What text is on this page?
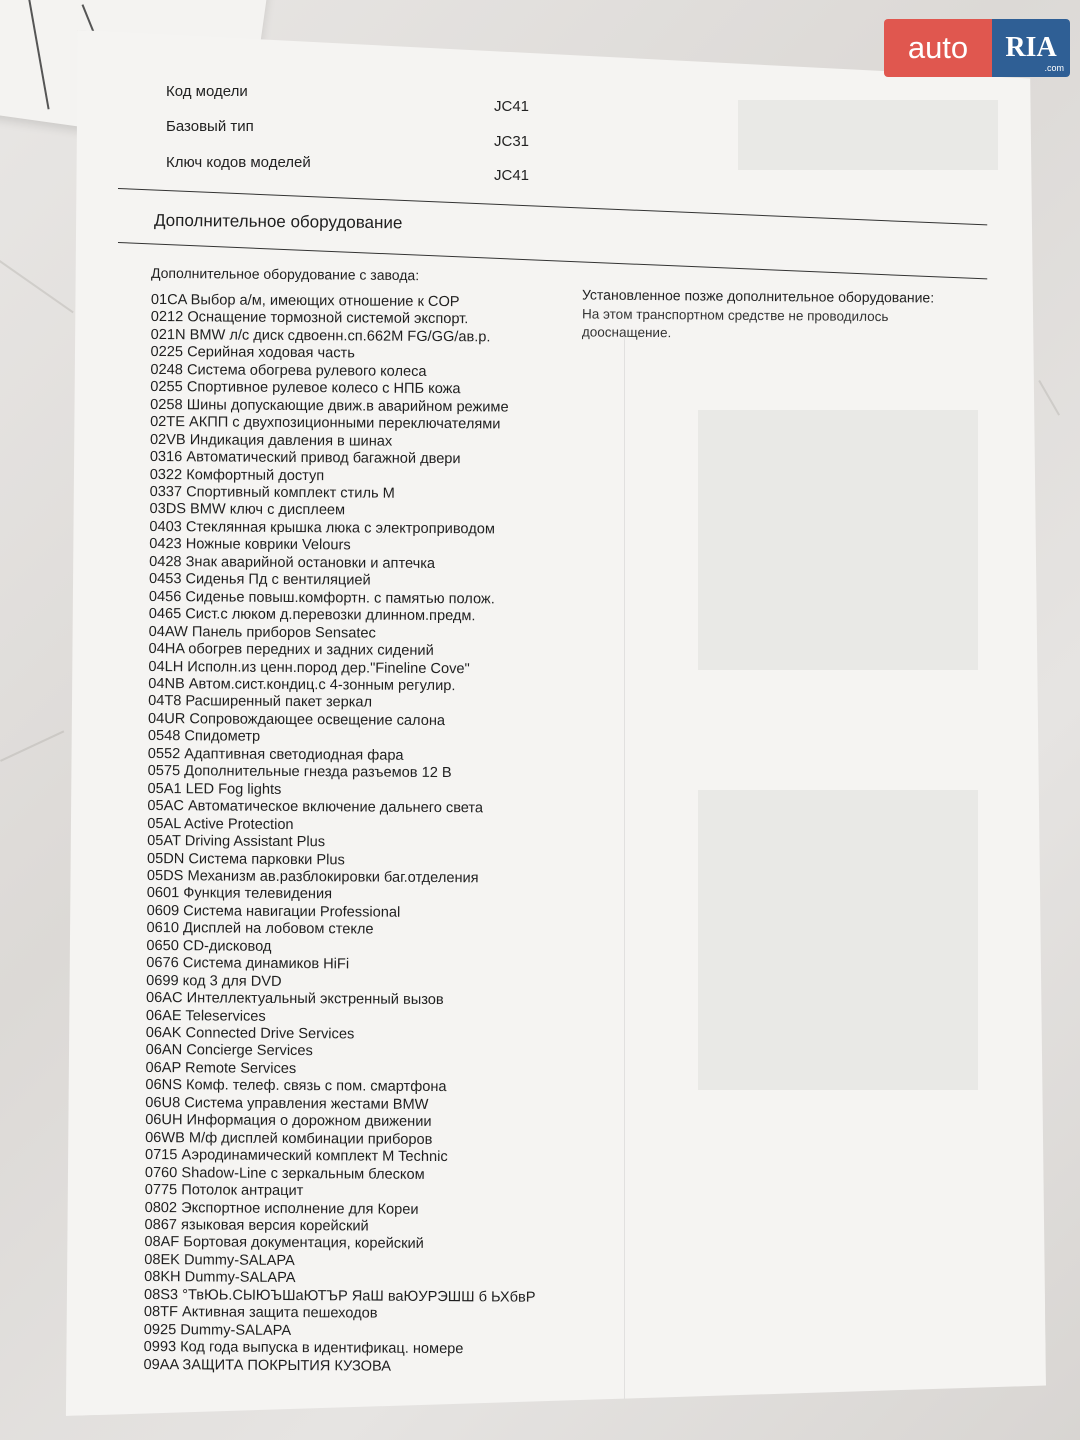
Код модели
JC41
Базовый тип
JC31
Ключ кодов моделей
JC41
Дополнительное оборудование
Дополнительное оборудование с завода:
Установленное позже дополнительное оборудование:
На этом транспортном средстве не проводилось дооснащение.
01CA Выбор а/м, имеющих отношение к COP
0212 Оснащение тормозной системой экспорт.
021N BMW л/с диск сдвоенн.сп.662M FG/GG/ав.р.
0225 Серийная ходовая часть
0248 Система обогрева рулевого колеса
0255 Спортивное рулевое колесо с НПБ кожа
0258 Шины допускающие движ.в аварийном режиме
02TE АКПП с двухпозиционными переключателями
02VB Индикация давления в шинах
0316 Автоматический привод багажной двери
0322 Комфортный доступ
0337 Спортивный комплект стиль M
03DS BMW ключ с дисплеем
0403 Стеклянная крышка люка с электроприводом
0423 Ножные коврики Velours
0428 Знак аварийной остановки и аптечка
0453 Сиденья Пд с вентиляцией
0456 Сиденье повыш.комфортн. с памятью полож.
0465 Сист.с люком д.перевозки длинном.предм.
04AW Панель приборов Sensatec
04HA обогрев передних и задних сидений
04LH Исполн.из ценн.пород дер."Fineline Cove"
04NB Автом.сист.кондиц.с 4-зонным регулир.
04T8 Расширенный пакет зеркал
04UR Сопровождающее освещение салона
0548 Спидометр
0552 Адаптивная светодиодная фара
0575 Дополнительные гнезда разъемов 12 В
05A1 LED Fog lights
05AC Автоматическое включение дальнего света
05AL Active Protection
05AT Driving Assistant Plus
05DN Система парковки Plus
05DS Механизм ав.разблокировки баг.отделения
0601 Функция телевидения
0609 Система навигации Professional
0610 Дисплей на лобовом стекле
0650 CD-дисковод
0676 Система динамиков HiFi
0699 код 3 для DVD
06AC Интеллектуальный экстренный вызов
06AE Teleservices
06AK Connected Drive Services
06AN Concierge Services
06AP Remote Services
06NS Комф. телеф. связь с пом. смартфона
06U8 Система управления жестами BMW
06UH Информация о дорожном движении
06WB М/ф дисплей комбинации приборов
0715 Аэродинамический комплект M Technic
0760 Shadow-Line с зеркальным блеском
0775 Потолок антрацит
0802 Экспортное исполнение для Кореи
0867 языковая версия корейский
08AF Бортовая документация, корейский
08EK Dummy-SALAPA
08KH Dummy-SALAPA
08S3 °ТвЮЬ.СЫЮЪШаЮТЪР ЯаШ ваЮУРЭШШ б ЬХбвР
08TF Активная защита пешеходов
0925 Dummy-SALAPA
0993 Код года выпуска в идентификац. номере
09AA ЗАЩИТА ПОКРЫТИЯ КУЗОВА
auto	RIA
.com
